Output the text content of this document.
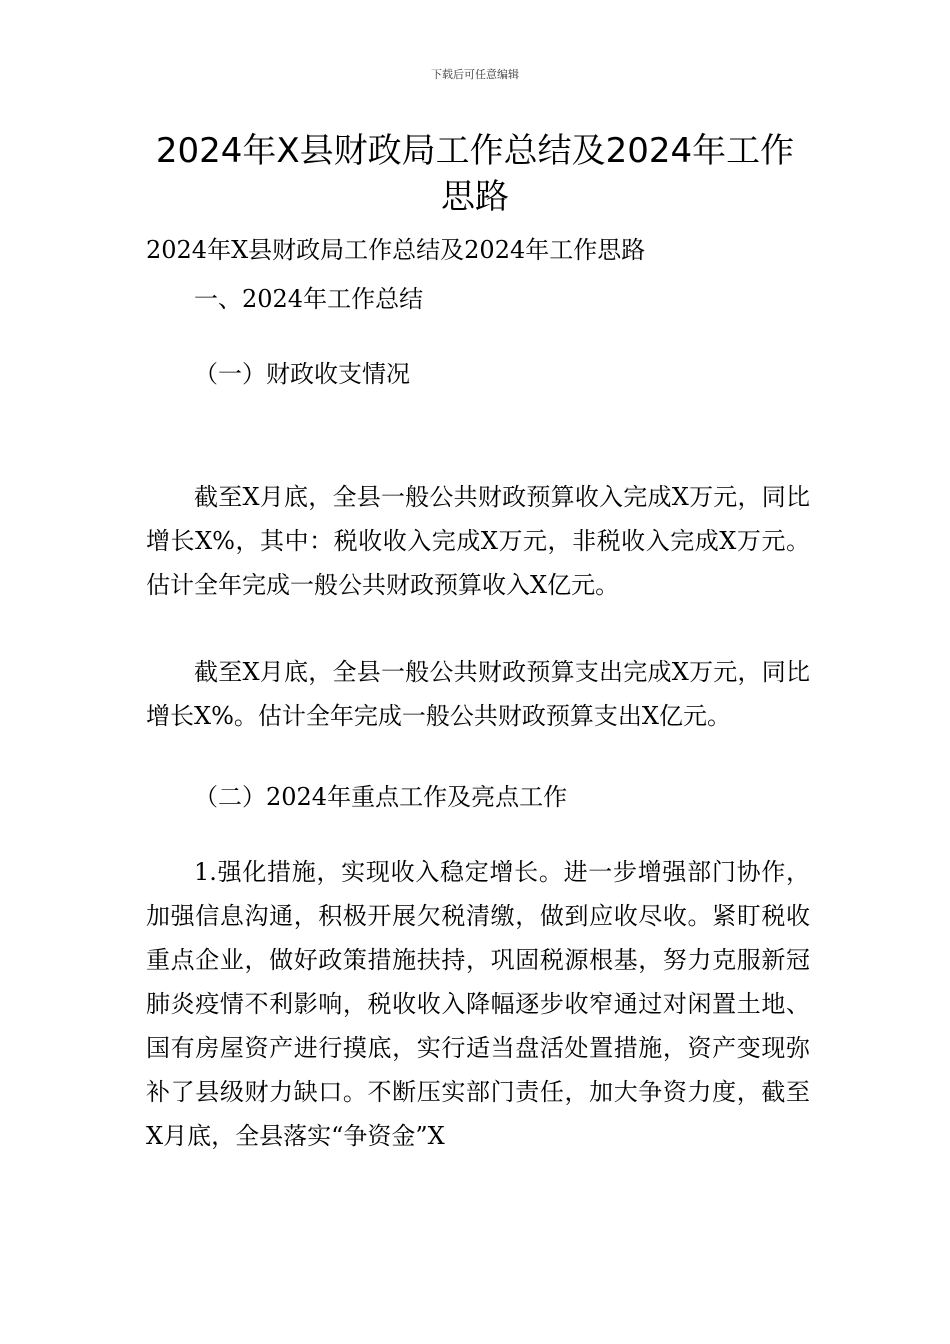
下载后可任意编辑
2024年X县财政局工作总结及2024年工作思路
2024年X县财政局工作总结及2024年工作思路
一、2024年工作总结
（一）财政收支情况
截至X月底，全县一般公共财政预算收入完成X万元，同比增长X%，其中：税收收入完成X万元，非税收入完成X万元。估计全年完成一般公共财政预算收入X亿元。
截至X月底，全县一般公共财政预算支出完成X万元，同比增长X%。估计全年完成一般公共财政预算支出X亿元。
（二）2024年重点工作及亮点工作
1.强化措施，实现收入稳定增长。进一步增强部门协作，加强信息沟通，积极开展欠税清缴，做到应收尽收。紧盯税收重点企业，做好政策措施扶持，巩固税源根基，努力克服新冠肺炎疫情不利影响，税收收入降幅逐步收窄通过对闲置土地、国有房屋资产进行摸底，实行适当盘活处置措施，资产变现弥补了县级财力缺口。不断压实部门责任，加大争资力度，截至X月底，全县落实“争资金”X
